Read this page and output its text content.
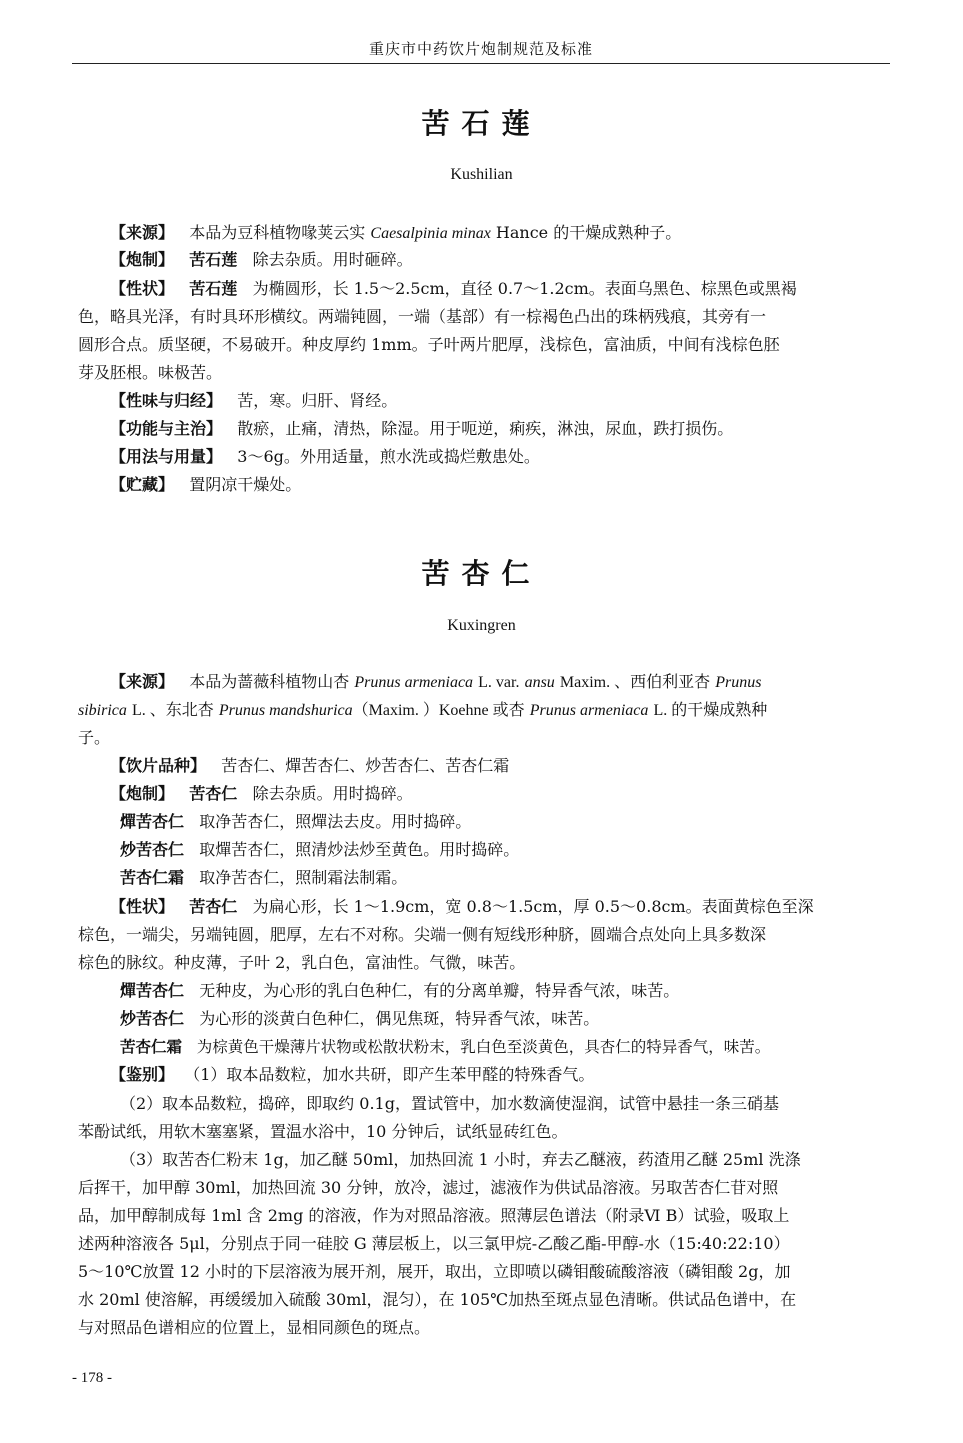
重庆市中药饮片炮制规范及标准
苦石莲
Kushilian
【来源】 本品为豆科植物喙荚云实 Caesalpinia minax Hance 的干燥成熟种子。
【炮制】 苦石莲 除去杂质。用时砸碎。
【性状】 苦石莲 为椭圆形，长 1.5～2.5cm，直径 0.7～1.2cm。表面乌黑色、棕黑色或黑褐
色，略具光泽，有时具环形横纹。两端钝圆，一端（基部）有一棕褐色凸出的珠柄残痕，其旁有一
圆形合点。质坚硬，不易破开。种皮厚约 1mm。子叶两片肥厚，浅棕色，富油质，中间有浅棕色胚
芽及胚根。味极苦。
【性味与归经】 苦，寒。归肝、肾经。
【功能与主治】 散瘀，止痛，清热，除湿。用于呃逆，痢疾，淋浊，尿血，跌打损伤。
【用法与用量】 3～6g。外用适量，煎水洗或捣烂敷患处。
【贮藏】 置阴凉干燥处。
苦杏仁
Kuxingren
【来源】 本品为蔷薇科植物山杏 Prunus armeniaca L. var. ansu Maxim. 、西伯利亚杏 Prunus
sibirica L. 、东北杏 Prunus mandshurica（Maxim. ）Koehne 或杏 Prunus armeniaca L. 的干燥成熟种
子。
【饮片品种】 苦杏仁、燀苦杏仁、炒苦杏仁、苦杏仁霜
【炮制】 苦杏仁 除去杂质。用时捣碎。
燀苦杏仁 取净苦杏仁，照燀法去皮。用时捣碎。
炒苦杏仁 取燀苦杏仁，照清炒法炒至黄色。用时捣碎。
苦杏仁霜 取净苦杏仁，照制霜法制霜。
【性状】 苦杏仁 为扁心形，长 1～1.9cm，宽 0.8～1.5cm，厚 0.5～0.8cm。表面黄棕色至深
棕色，一端尖，另端钝圆，肥厚，左右不对称。尖端一侧有短线形种脐，圆端合点处向上具多数深
棕色的脉纹。种皮薄，子叶 2，乳白色，富油性。气微，味苦。
燀苦杏仁 无种皮，为心形的乳白色种仁，有的分离单瓣，特异香气浓，味苦。
炒苦杏仁 为心形的淡黄白色种仁，偶见焦斑，特异香气浓，味苦。
苦杏仁霜 为棕黄色干燥薄片状物或松散状粉末，乳白色至淡黄色，具杏仁的特异香气，味苦。
【鉴别】 （1）取本品数粒，加水共研，即产生苯甲醛的特殊香气。
（2）取本品数粒，捣碎，即取约 0.1g，置试管中，加水数滴使湿润，试管中悬挂一条三硝基
苯酚试纸，用软木塞塞紧，置温水浴中，10 分钟后，试纸显砖红色。
（3）取苦杏仁粉末 1g，加乙醚 50ml，加热回流 1 小时，弃去乙醚液，药渣用乙醚 25ml 洗涤
后挥干，加甲醇 30ml，加热回流 30 分钟，放冷，滤过，滤液作为供试品溶液。另取苦杏仁苷对照
品，加甲醇制成每 1ml 含 2mg 的溶液，作为对照品溶液。照薄层色谱法（附录Ⅵ B）试验，吸取上
述两种溶液各 5μl，分别点于同一硅胶 G 薄层板上，以三氯甲烷-乙酸乙酯-甲醇-水（15:40:22:10）
5～10℃放置 12 小时的下层溶液为展开剂，展开，取出，立即喷以磷钼酸硫酸溶液（磷钼酸 2g，加
水 20ml 使溶解，再缓缓加入硫酸 30ml，混匀），在 105℃加热至斑点显色清晰。供试品色谱中，在
与对照品色谱相应的位置上，显相同颜色的斑点。
- 178 -
